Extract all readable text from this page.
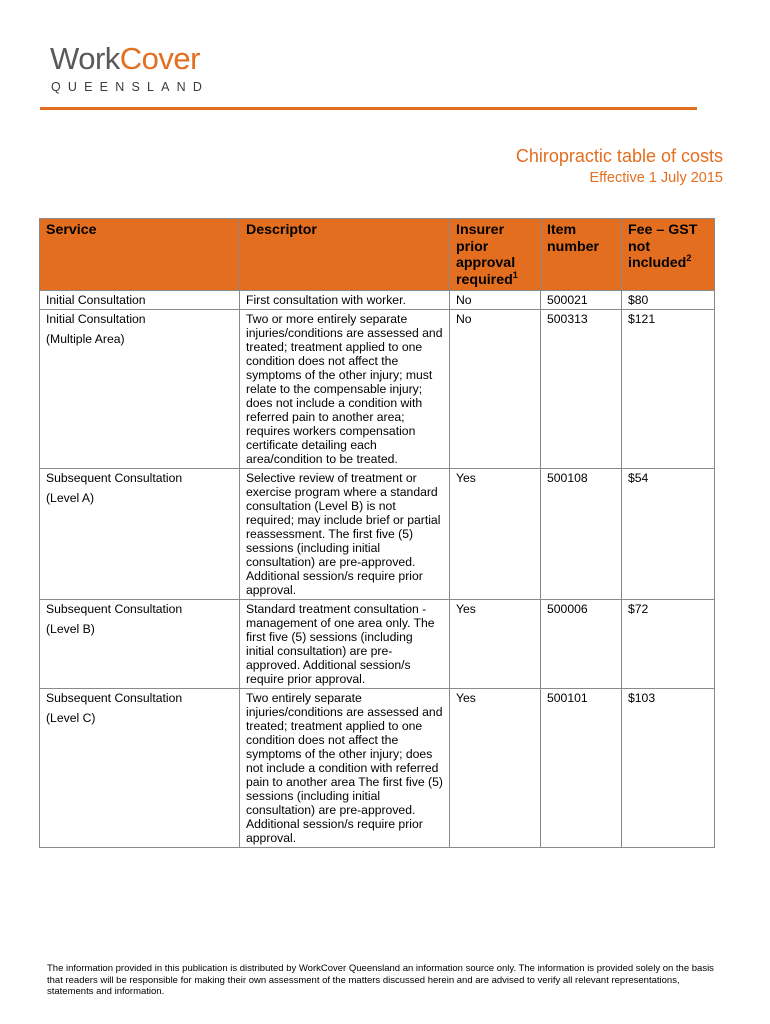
WorkCover
QUEENSLAND
Chiropractic table of costs
Effective 1 July 2015
Service	Descriptor	Insurer prior approval required$^1$	Item number	Fee – GST not included$^2$

Initial Consultation	First consultation with worker.	No	500021	$80

Initial Consultation
(Multiple Area)	Two or more entirely separate injuries/conditions are assessed and treated; treatment applied to one condition does not affect the symptoms of the other injury; must relate to the compensable injury; does not include a condition with referred pain to another area; requires workers compensation certificate detailing each area/condition to be treated.	No	500313	$121

Subsequent Consultation
(Level A)	Selective review of treatment or exercise program where a standard consultation (Level B) is not required; may include brief or partial reassessment. The first five (5) sessions (including initial consultation) are pre-approved. Additional session/s require prior approval.	Yes	500108	$54

Subsequent Consultation
(Level B)	Standard treatment consultation - management of one area only. The first five (5) sessions (including initial consultation) are pre-approved. Additional session/s require prior approval.	Yes	500006	$72

Subsequent Consultation
(Level C)	Two entirely separate injuries/conditions are assessed and treated; treatment applied to one condition does not affect the symptoms of the other injury; does not include a condition with referred pain to another area The first five (5) sessions (including initial consultation) are pre-approved. Additional session/s require prior approval.	Yes	500101	$103
The information provided in this publication is distributed by WorkCover Queensland an information source only. The information is provided solely on the basis that readers will be responsible for making their own assessment of the matters discussed herein and are advised to verify all relevant representations, statements and information.
